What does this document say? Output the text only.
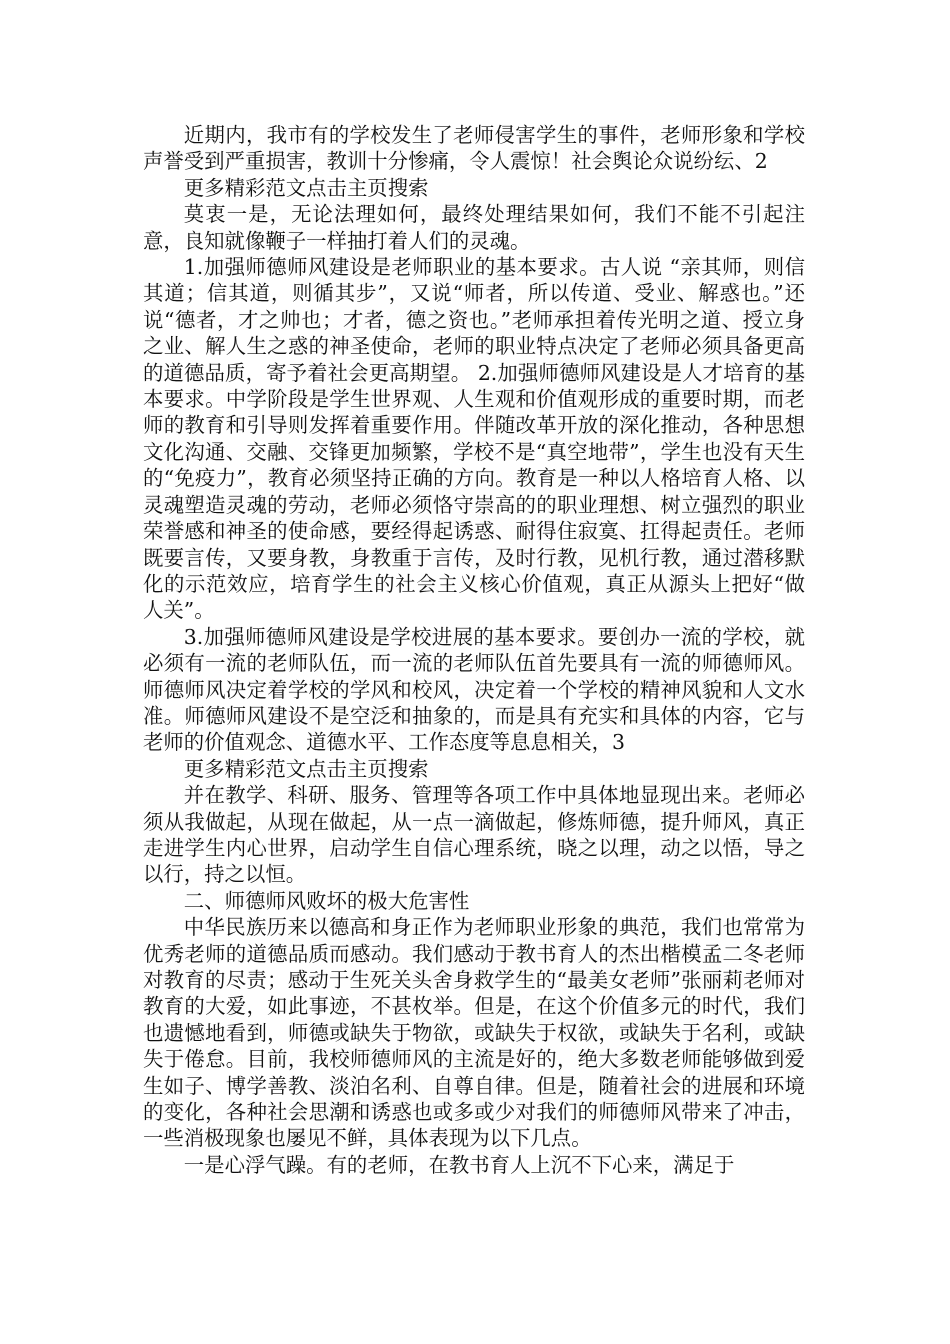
近期内，我市有的学校发生了老师侵害学生的事件，老师形象和学校声誉受到严重损害，教训十分惨痛，令人震惊！社会舆论众说纷纭、2

更多精彩范文点击主页搜索

莫衷一是，无论法理如何，最终处理结果如何，我们不能不引起注意，良知就像鞭子一样抽打着人们的灵魂。

1.加强师德师风建设是老师职业的基本要求。古人说 “亲其师，则信其道；信其道，则循其步”，又说“师者，所以传道、受业、解惑也。”还说“德者，才之帅也；才者，德之资也。”老师承担着传光明之道、授立身之业、解人生之惑的神圣使命，老师的职业特点决定了老师必须具备更高的道德品质，寄予着社会更高期望。 2.加强师德师风建设是人才培育的基本要求。中学阶段是学生世界观、人生观和价值观形成的重要时期，而老师的教育和引导则发挥着重要作用。伴随改革开放的深化推动，各种思想文化沟通、交融、交锋更加频繁，学校不是“真空地带”，学生也没有天生的“免疫力”，教育必须坚持正确的方向。教育是一种以人格培育人格、以灵魂塑造灵魂的劳动，老师必须恪守崇高的的职业理想、树立强烈的职业荣誉感和神圣的使命感，要经得起诱惑、耐得住寂寞、扛得起责任。老师既要言传，又要身教，身教重于言传，及时行教，见机行教，通过潜移默化的示范效应，培育学生的社会主义核心价值观，真正从源头上把好“做人关”。

3.加强师德师风建设是学校进展的基本要求。要创办一流的学校，就必须有一流的老师队伍，而一流的老师队伍首先要具有一流的师德师风。师德师风决定着学校的学风和校风，决定着一个学校的精神风貌和人文水准。师德师风建设不是空泛和抽象的，而是具有充实和具体的内容，它与老师的价值观念、道德水平、工作态度等息息相关，3

更多精彩范文点击主页搜索

并在教学、科研、服务、管理等各项工作中具体地显现出来。老师必须从我做起，从现在做起，从一点一滴做起，修炼师德，提升师风，真正走进学生内心世界，启动学生自信心理系统，晓之以理，动之以悟，导之以行，持之以恒。

二、师德师风败坏的极大危害性

中华民族历来以德高和身正作为老师职业形象的典范，我们也常常为优秀老师的道德品质而感动。我们感动于教书育人的杰出楷模孟二冬老师对教育的尽责；感动于生死关头舍身救学生的“最美女老师”张丽莉老师对教育的大爱，如此事迹，不甚枚举。但是，在这个价值多元的时代，我们也遗憾地看到，师德或缺失于物欲，或缺失于权欲，或缺失于名利，或缺失于倦怠。目前，我校师德师风的主流是好的，绝大多数老师能够做到爱生如子、博学善教、淡泊名利、自尊自律。但是，随着社会的进展和环境的变化，各种社会思潮和诱惑也或多或少对我们的师德师风带来了冲击，一些消极现象也屡见不鲜，具体表现为以下几点。

一是心浮气躁。有的老师，在教书育人上沉不下心来，满足于
